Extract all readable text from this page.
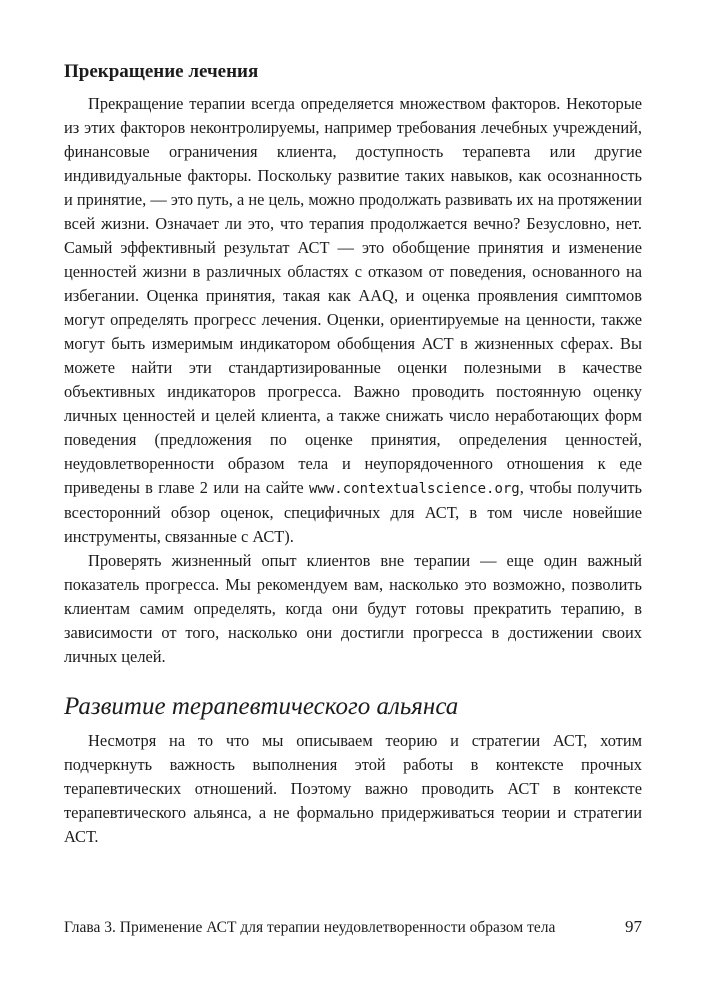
Прекращение лечения

Прекращение терапии всегда определяется множеством факторов. Некоторые из этих факторов неконтролируемы, например требования лечебных учреждений, финансовые ограничения клиента, доступность терапевта или другие индивидуальные факторы. Поскольку развитие таких навыков, как осознанность и принятие, — это путь, а не цель, можно продолжать развивать их на протяжении всей жизни. Означает ли это, что терапия продолжается вечно? Безусловно, нет. Самый эффективный результат АСТ — это обобщение принятия и изменение ценностей жизни в различных областях с отказом от поведения, основанного на избегании. Оценка принятия, такая как AAQ, и оценка проявления симптомов могут определять прогресс лечения. Оценки, ориентируемые на ценности, также могут быть измеримым индикатором обобщения АСТ в жизненных сферах. Вы можете найти эти стандартизированные оценки полезными в качестве объективных индикаторов прогресса. Важно проводить постоянную оценку личных ценностей и целей клиента, а также снижать число неработающих форм поведения (предложения по оценке принятия, определения ценностей, неудовлетворенности образом тела и неупорядоченного отношения к еде приведены в главе 2 или на сайте www.contextualscience.org, чтобы получить всесторонний обзор оценок, специфичных для АСТ, в том числе новейшие инструменты, связанные с АСТ).

Проверять жизненный опыт клиентов вне терапии — еще один важный показатель прогресса. Мы рекомендуем вам, насколько это возможно, позволить клиентам самим определять, когда они будут готовы прекратить терапию, в зависимости от того, насколько они достигли прогресса в достижении своих личных целей.

Развитие терапевтического альянса

Несмотря на то что мы описываем теорию и стратегии АСТ, хотим подчеркнуть важность выполнения этой работы в контексте прочных терапевтических отношений. Поэтому важно проводить АСТ в контексте терапевтического альянса, а не формально придерживаться теории и стратегии АСТ.

Глава 3. Применение АСТ для терапии неудовлетворенности образом тела	97
